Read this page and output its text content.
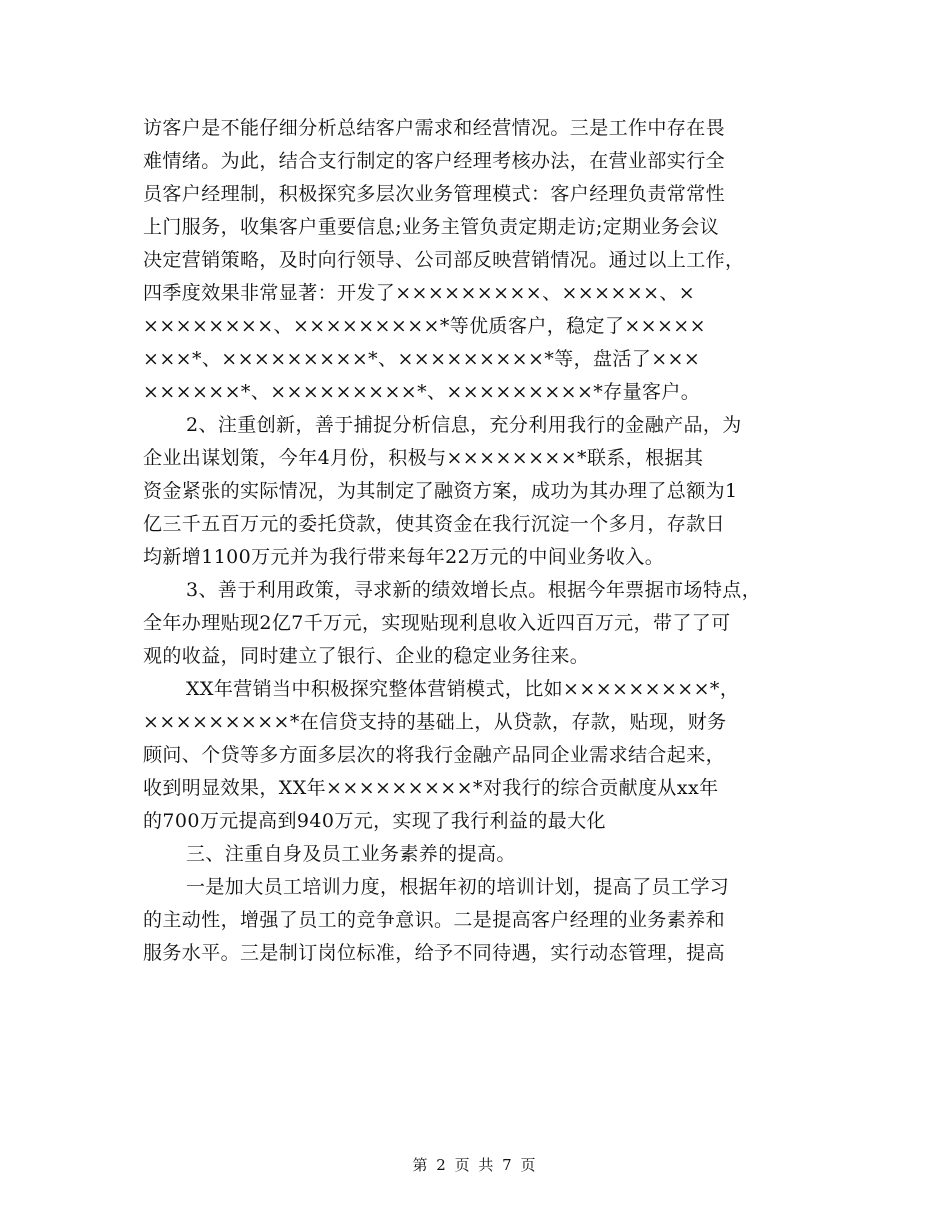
访客户是不能仔细分析总结客户需求和经营情况。三是工作中存在畏
难情绪。为此，结合支行制定的客户经理考核办法，在营业部实行全
员客户经理制，积极探究多层次业务管理模式：客户经理负责常常性
上门服务，收集客户重要信息;业务主管负责定期走访;定期业务会议
决定营销策略，及时向行领导、公司部反映营销情况。通过以上工作，
四季度效果非常显著：开发了×××××××××、××××××、×
××××××××、×××××××××*等优质客户，稳定了×××××
×××*、×××××××××*、×××××××××*等，盘活了×××
××××××*、×××××××××*、×××××××××*存量客户。
2、注重创新，善于捕捉分析信息，充分利用我行的金融产品，为
企业出谋划策，今年4月份，积极与××××××××*联系，根据其
资金紧张的实际情况，为其制定了融资方案，成功为其办理了总额为1
亿三千五百万元的委托贷款，使其资金在我行沉淀一个多月，存款日
均新增1100万元并为我行带来每年22万元的中间业务收入。
3、善于利用政策，寻求新的绩效增长点。根据今年票据市场特点，
全年办理贴现2亿7千万元，实现贴现利息收入近四百万元，带了了可
观的收益，同时建立了银行、企业的稳定业务往来。
XX年营销当中积极探究整体营销模式，比如×××××××××*，
×××××××××*在信贷支持的基础上，从贷款，存款，贴现，财务
顾问、个贷等多方面多层次的将我行金融产品同企业需求结合起来，
收到明显效果，XX年×××××××××*对我行的综合贡献度从xx年
的700万元提高到940万元，实现了我行利益的最大化
三、注重自身及员工业务素养的提高。
一是加大员工培训力度，根据年初的培训计划，提高了员工学习
的主动性，增强了员工的竞争意识。二是提高客户经理的业务素养和
服务水平。三是制订岗位标准，给予不同待遇，实行动态管理，提高
第 2 页 共 7 页
